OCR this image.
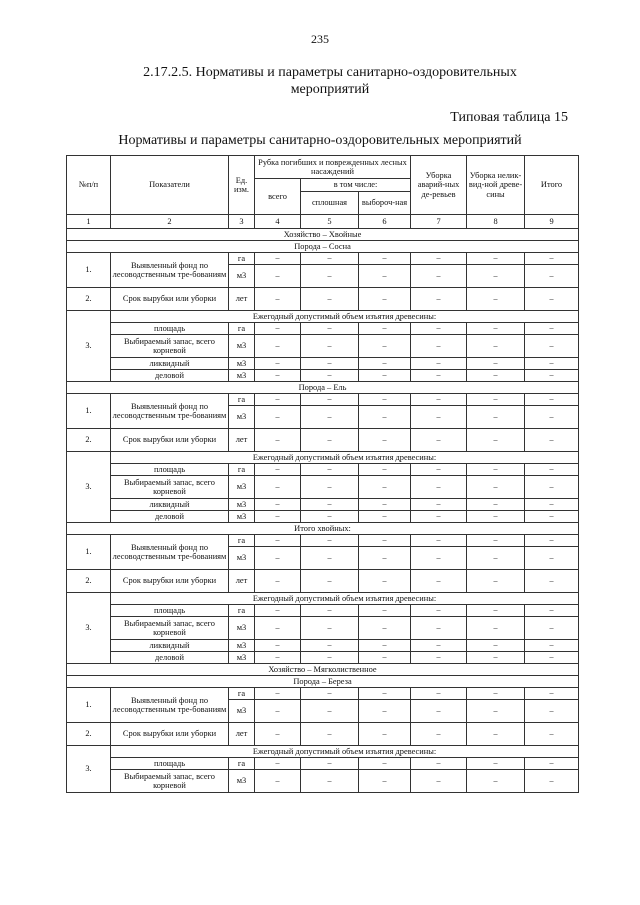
235
2.17.2.5. Нормативы и параметры санитарно-оздоровительных мероприятий
Типовая таблица 15
Нормативы и параметры санитарно-оздоровительных мероприятий
№п/п	Показатели	Ед. изм.	Рубка погибших и поврежденных лесных насаждений			Уборка аварий-ных де-ревьев	Уборка нелик-вид-ной древе-сины	Итого
			всего	в том числе:				
				сплошная	выбороч-ная			
1	2	3	4	5	6	7	8	9
Хозяйство – Хвойные								
Порода – Сосна								
1.	Выявленный фонд по лесоводственным тре-бованиям	га	–	–	–	–	–	–
		м3	–	–	–	–	–	–
2.	Срок вырубки или уборки	лет	–	–	–	–	–	–
3.	Ежегодный допустимый объем изъятия древесины:							
	площадь	га	–	–	–	–	–	–
	Выбираемый запас, всего корневой	м3	–	–	–	–	–	–
	ликвидный	м3	–	–	–	–	–	–
	деловой	м3	–	–	–	–	–	–
Порода – Ель								
1.	Выявленный фонд по лесоводственным тре-бованиям	га	–	–	–	–	–	–
		м3	–	–	–	–	–	–
2.	Срок вырубки или уборки	лет	–	–	–	–	–	–
3.	Ежегодный допустимый объем изъятия древесины:							
	площадь	га	–	–	–	–	–	–
	Выбираемый запас, всего корневой	м3	–	–	–	–	–	–
	ликвидный	м3	–	–	–	–	–	–
	деловой	м3	–	–	–	–	–	–
Итого хвойных:								
1.	Выявленный фонд по лесоводственным тре-бованиям	га	–	–	–	–	–	–
		м3	–	–	–	–	–	–
2.	Срок вырубки или уборки	лет	–	–	–	–	–	–
3.	Ежегодный допустимый объем изъятия древесины:							
	площадь	га	–	–	–	–	–	–
	Выбираемый запас, всего корневой	м3	–	–	–	–	–	–
	ликвидный	м3	–	–	–	–	–	–
	деловой	м3	–	–	–	–	–	–
Хозяйство – Мягколиственное								
Порода – Береза								
1.	Выявленный фонд по лесоводственным тре-бованиям	га	–	–	–	–	–	–
		м3	–	–	–	–	–	–
2.	Срок вырубки или уборки	лет	–	–	–	–	–	–
3.	Ежегодный допустимый объем изъятия древесины:							
	площадь	га	–	–	–	–	–	–
	Выбираемый запас, всего корневой	м3	–	–	–	–	–	–
